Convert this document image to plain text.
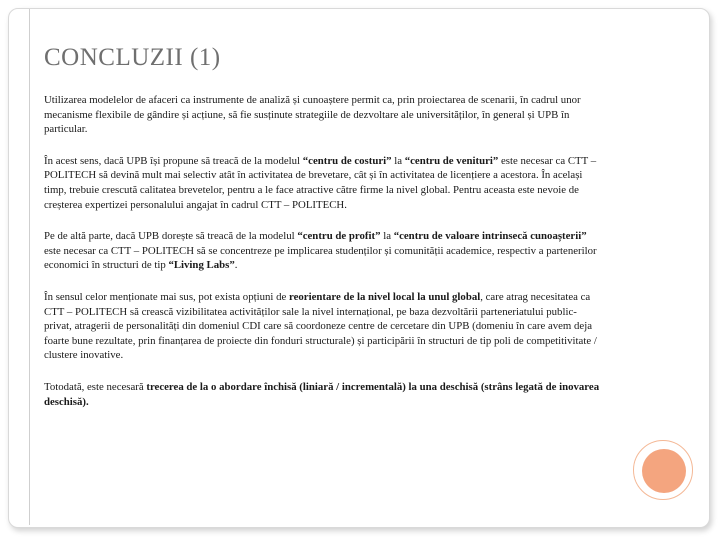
CONCLUZII (1)

Utilizarea modelelor de afaceri ca instrumente de analiză și cunoaștere permit ca, prin proiectarea de scenarii, în cadrul unor mecanisme flexibile de gândire și acțiune, să fie susținute strategiile de dezvoltare ale universităților, în general și UPB în particular.

În acest sens, dacă UPB își propune să treacă de la modelul “centru de costuri” la “centru de venituri” este necesar ca CTT – POLITECH să devină mult mai selectiv atât în activitatea de brevetare, cât și în activitatea de licențiere a acestora. În același timp, trebuie crescută calitatea brevetelor, pentru a le face atractive către firme la nivel global. Pentru aceasta este nevoie de creșterea expertizei personalului angajat în cadrul CTT – POLITECH.

Pe de altă parte, dacă UPB dorește să treacă de la modelul “centru de profit” la “centru de valoare intrinsecă cunoașterii” este necesar ca CTT – POLITECH să se concentreze pe implicarea studenților și comunității academice, respectiv a partenerilor economici în structuri de tip “Living Labs”.

În sensul celor menționate mai sus, pot exista opțiuni de reorientare de la nivel local la unul global, care atrag necesitatea ca CTT – POLITECH să crească vizibilitatea activităților sale la nivel internațional, pe baza dezvoltării parteneriatului public-privat, atragerii de personalități din domeniul CDI care să coordoneze centre de cercetare din UPB (domeniu în care avem deja foarte bune rezultate, prin finanțarea de proiecte din fonduri structurale) și participării în structuri de tip poli de competitivitate / clustere inovative.

Totodată, este necesară trecerea de la o abordare închisă (liniară / incrementală) la una deschisă (strâns legată de inovarea deschisă).
